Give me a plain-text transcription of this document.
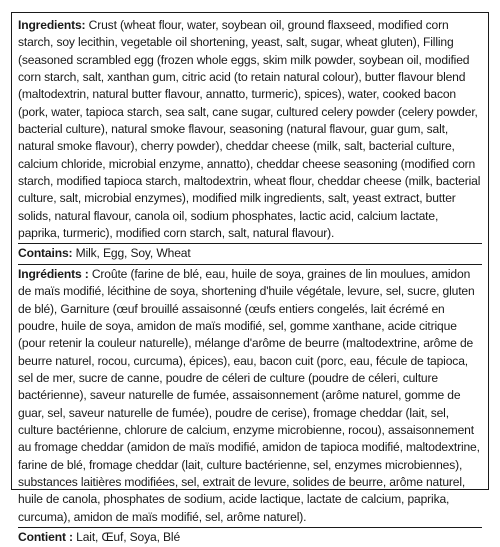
Ingredients: Crust (wheat flour, water, soybean oil, ground flaxseed, modified corn starch, soy lecithin, vegetable oil shortening, yeast, salt, sugar, wheat gluten), Filling (seasoned scrambled egg (frozen whole eggs, skim milk powder, soybean oil, modified corn starch, salt, xanthan gum, citric acid (to retain natural colour), butter flavour blend (maltodextrin, natural butter flavour, annatto, turmeric), spices), water, cooked bacon (pork, water, tapioca starch, sea salt, cane sugar, cultured celery powder (celery powder, bacterial culture), natural smoke flavour, seasoning (natural flavour, guar gum, salt, natural smoke flavour), cherry powder), cheddar cheese (milk, salt, bacterial culture, calcium chloride, microbial enzyme, annatto), cheddar cheese seasoning (modified corn starch, modified tapioca starch, maltodextrin, wheat flour, cheddar cheese (milk, bacterial culture, salt, microbial enzymes), modified milk ingredients, salt, yeast extract, butter solids, natural flavour, canola oil, sodium phosphates, lactic acid, calcium lactate, paprika, turmeric), modified corn starch, salt, natural flavour).

Contains: Milk, Egg, Soy, Wheat

Ingrédients : Croûte (farine de blé, eau, huile de soya, graines de lin moulues, amidon de maïs modifié, lécithine de soya, shortening d'huile végétale, levure, sel, sucre, gluten de blé), Garniture (œuf brouillé assaisonné (œufs entiers congelés, lait écrémé en poudre, huile de soya, amidon de maïs modifié, sel, gomme xanthane, acide citrique (pour retenir la couleur naturelle), mélange d'arôme de beurre (maltodextrine, arôme de beurre naturel, rocou, curcuma), épices), eau, bacon cuit (porc, eau, fécule de tapioca, sel de mer, sucre de canne, poudre de céleri de culture (poudre de céleri, culture bactérienne), saveur naturelle de fumée, assaisonnement (arôme naturel, gomme de guar, sel, saveur naturelle de fumée), poudre de cerise), fromage cheddar (lait, sel, culture bactérienne, chlorure de calcium, enzyme microbienne, rocou), assaisonnement au fromage cheddar (amidon de maïs modifié, amidon de tapioca modifié, maltodextrine, farine de blé, fromage cheddar (lait, culture bactérienne, sel, enzymes microbiennes), substances laitières modifiées, sel, extrait de levure, solides de beurre, arôme naturel, huile de canola, phosphates de sodium, acide lactique, lactate de calcium, paprika, curcuma), amidon de maïs modifié, sel, arôme naturel).

Contient : Lait, Œuf, Soya, Blé
